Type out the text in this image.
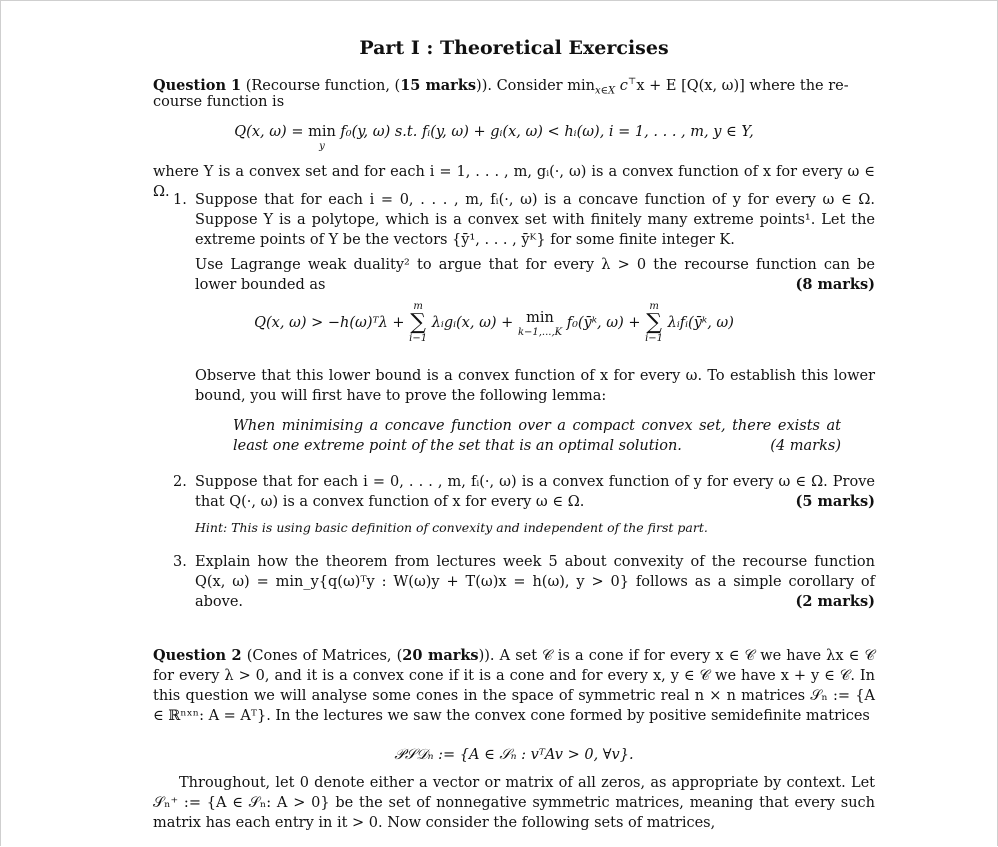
Part I : Theoretical Exercises
Question 1 (Recourse function, (15 marks)). Consider $\min_{x\in X} c^⊤x + E$ [Q(x, ω)] where the re-
course function is
Q(x, ω) = min
y
f₀(y, ω) s.t. fᵢ(y, ω) + gᵢ(x, ω) < hᵢ(ω), i = 1, . . . , m, y ∈ Y,
where Y is a convex set and for each i = 1, . . . , m, gᵢ(·, ω) is a convex function of x for every ω ∈ Ω. 1. Suppose that for each i = 0, . . . , m, fᵢ(·, ω) is a concave function of y for every ω ∈ Ω. Suppose Y is a polytope, which is a convex set with finitely many extreme points¹. Let the extreme points of Y be the vectors {ȳ¹, . . . , ȳᴷ} for some finite integer K.
Use Lagrange weak duality² to argue that for every λ > 0 the recourse function can be lower bounded as	(8 marks)
Q(x, ω) > −h(ω)ᵀλ +
m
∑
i−1
λᵢgᵢ(x, ω) + min
k−1,...,K
f₀(ȳᵏ, ω) +
m
∑
i−1
λᵢfᵢ(ȳᵏ, ω)
Observe that this lower bound is a convex function of x for every ω. To establish this lower bound, you will first have to prove the following lemma:
When minimising a concave function over a compact convex set, there exists at least one extreme point of the set that is an optimal solution.	(4 marks)
2. Suppose that for each i = 0, . . . , m, fᵢ(·, ω) is a convex function of y for every ω ∈ Ω. Prove that Q(·, ω) is a convex function of x for every ω ∈ Ω.	(5 marks)
Hint: This is using basic definition of convexity and independent of the first part.
3. Explain how the theorem from lectures week 5 about convexity of the recourse function Q(x, ω) = min_y{q(ω)ᵀy : W(ω)y + T(ω)x = h(ω), y > 0} follows as a simple corollary of above.	(2 marks)
Question 2 (Cones of Matrices, (20 marks)). A set 𝒞 is a cone if for every x ∈ 𝒞 we have λx ∈ 𝒞 for every λ > 0, and it is a convex cone if it is a cone and for every x, y ∈ 𝒞 we have x + y ∈ 𝒞. In this question we will analyse some cones in the space of symmetric real n × n matrices 𝒮ₙ := {A ∈ ℝⁿˣⁿ: A = Aᵀ}. In the lectures we saw the convex cone formed by positive semidefinite matrices
𝒫𝒮𝒟ₙ := {A ∈ 𝒮ₙ : vᵀAv > 0, ∀v}.
Throughout, let 0 denote either a vector or matrix of all zeros, as appropriate by context. Let 𝒮ₙ⁺ := {A ∈ 𝒮ₙ: A > 0} be the set of nonnegative symmetric matrices, meaning that every such matrix has each entry in it > 0. Now consider the following sets of matrices,
